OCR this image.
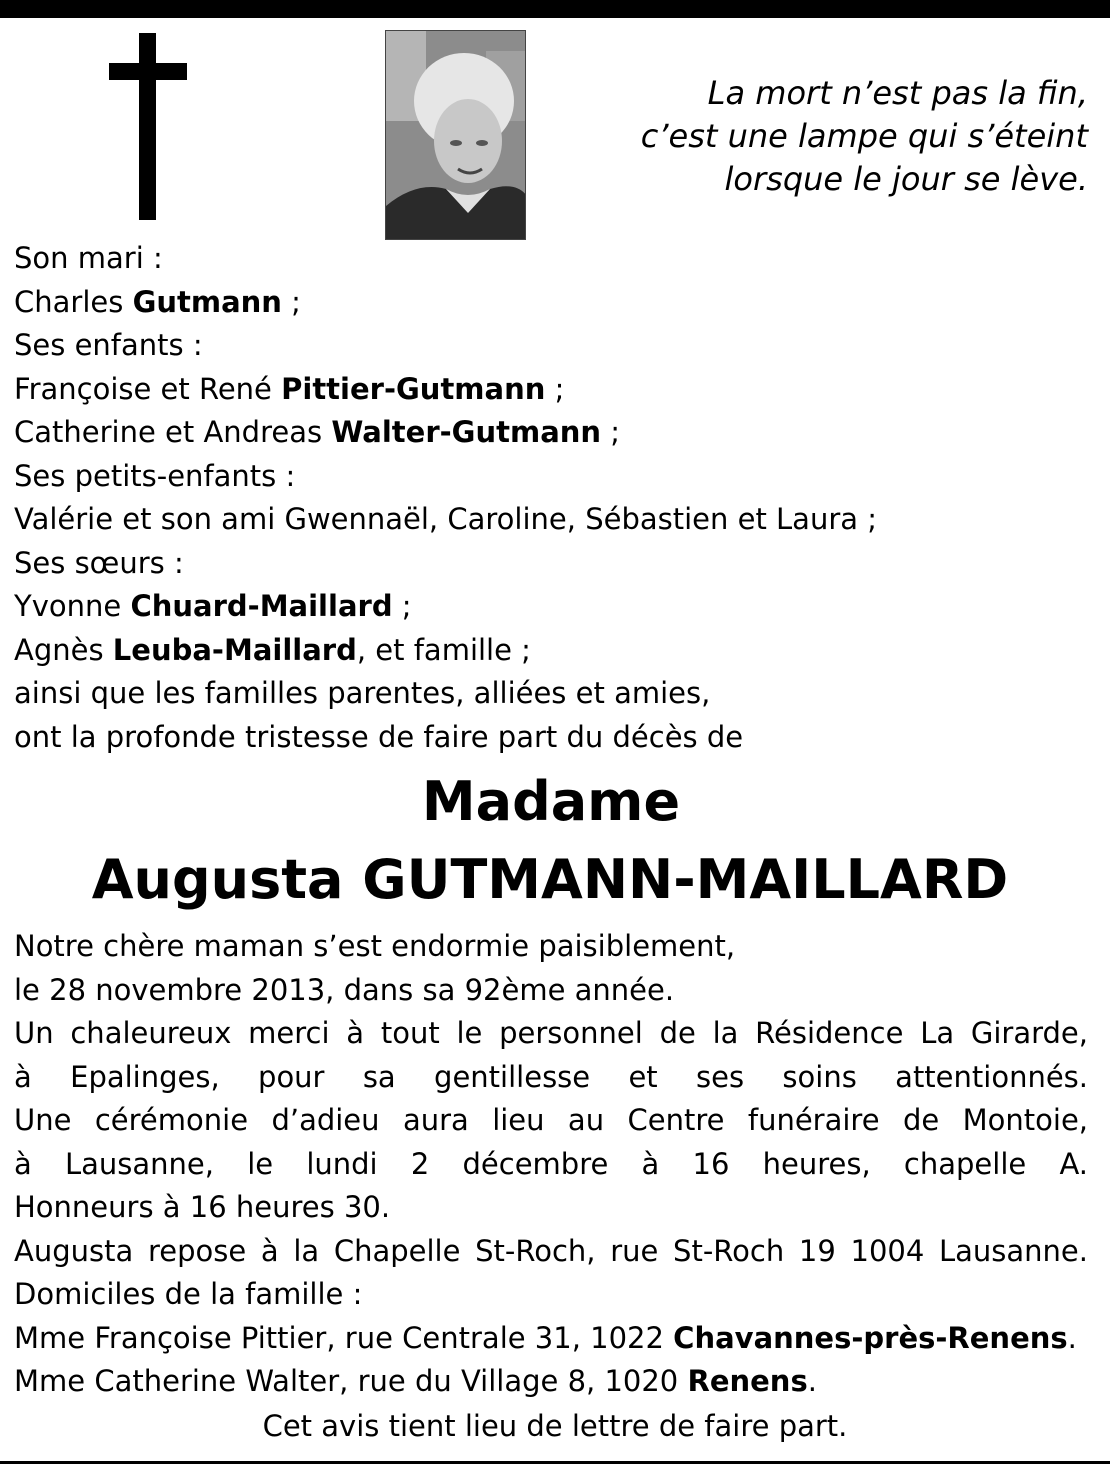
La mort n’est pas la fin,
c’est une lampe qui s’éteint
lorsque le jour se lève.
Son mari :
Charles Gutmann ;
Ses enfants :
Françoise et René Pittier-Gutmann ;
Catherine et Andreas Walter-Gutmann ;
Ses petits-enfants :
Valérie et son ami Gwennaël, Caroline, Sébastien et Laura ;
Ses sœurs :
Yvonne Chuard-Maillard ;
Agnès Leuba-Maillard, et famille ;
ainsi que les familles parentes, alliées et amies,
ont la profonde tristesse de faire part du décès de
Madame
Augusta GUTMANN-MAILLARD
Notre chère maman s’est endormie paisiblement,
le 28 novembre 2013, dans sa 92ème année.
Un chaleureux merci à tout le personnel de la Résidence La Girarde,
à Epalinges, pour sa gentillesse et ses soins attentionnés.
Une cérémonie d’adieu aura lieu au Centre funéraire de Montoie,
à Lausanne, le lundi 2 décembre à 16 heures, chapelle A.
Honneurs à 16 heures 30.
Augusta repose à la Chapelle St-Roch, rue St-Roch 19 1004 Lausanne.
Domiciles de la famille :
Mme Françoise Pittier, rue Centrale 31, 1022 Chavannes-près-Renens.
Mme Catherine Walter, rue du Village 8, 1020 Renens.
Cet avis tient lieu de lettre de faire part.
